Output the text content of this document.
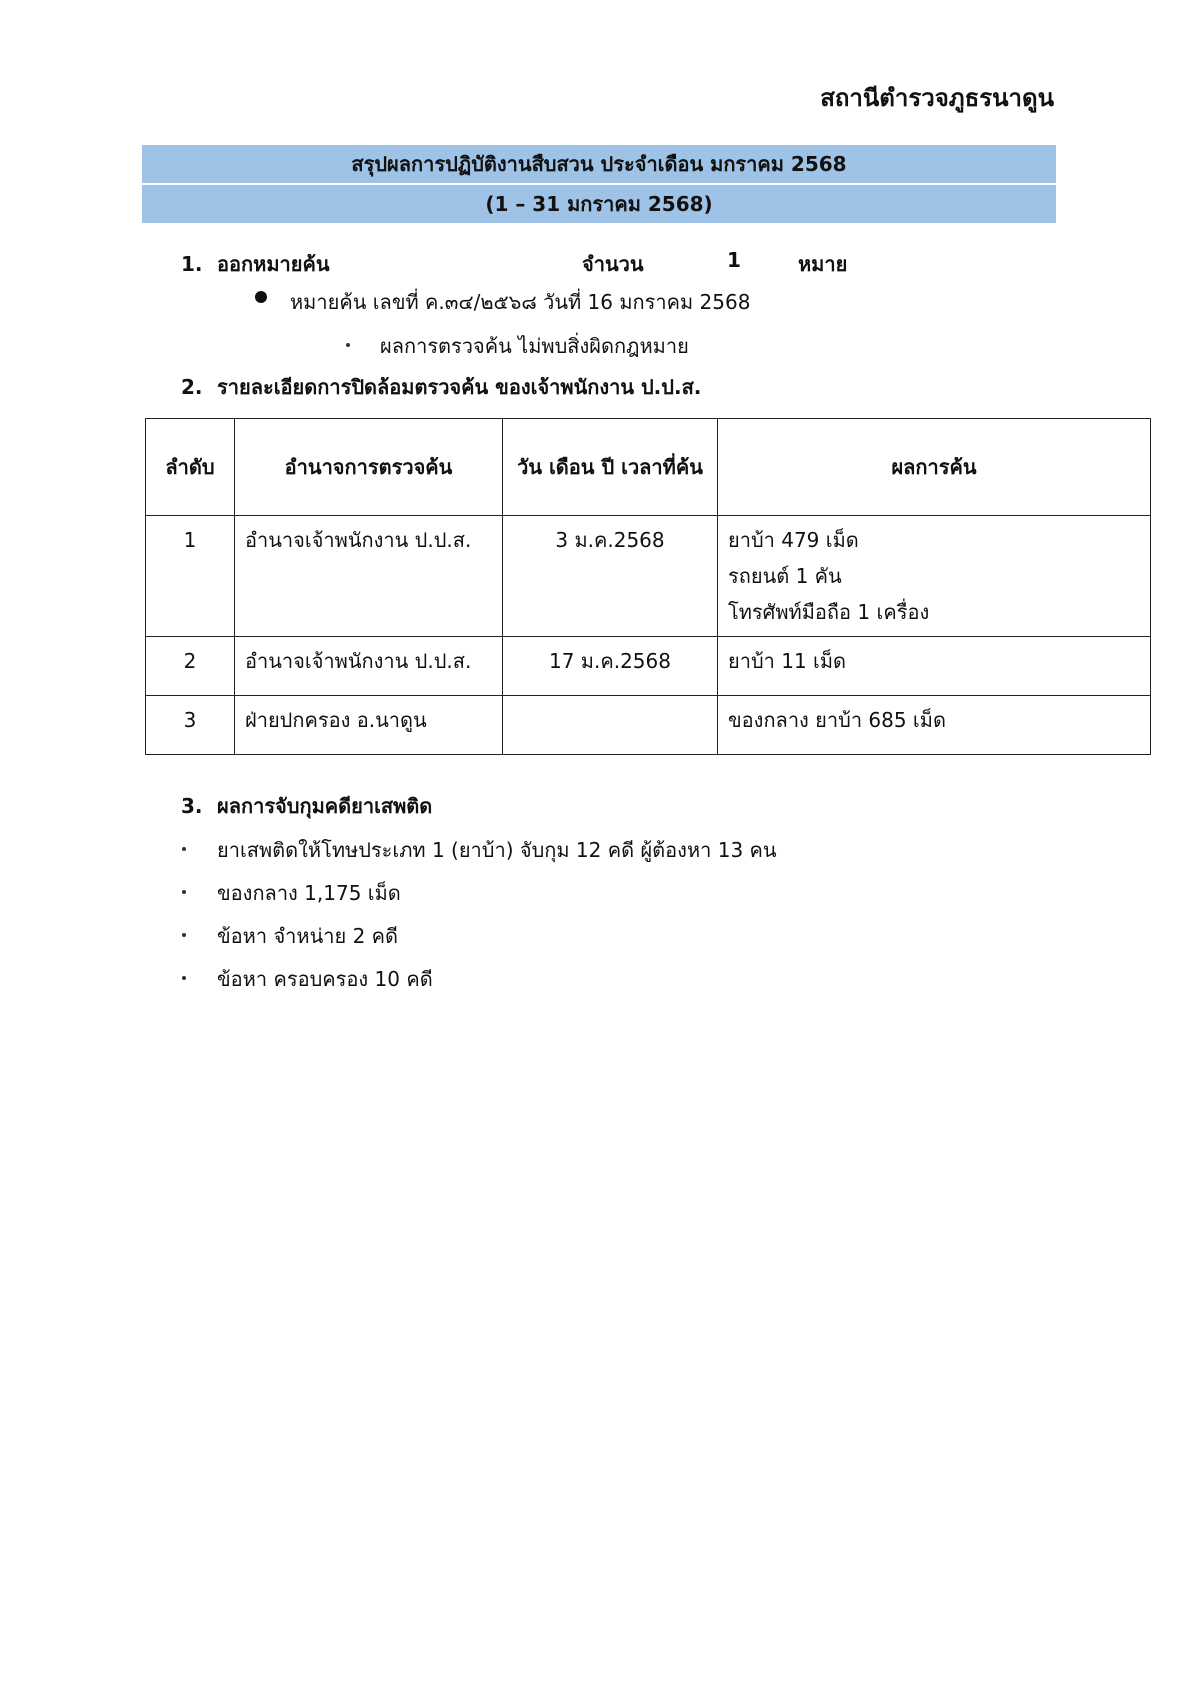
สถานีตำรวจภูธรนาดูน
สรุปผลการปฏิบัติงานสืบสวน ประจำเดือน มกราคม 2568
(1 – 31 มกราคม 2568)
1. ออกหมายค้น	จำนวน	1	หมาย
หมายค้น เลขที่ ค.๓๔/๒๕๖๘ วันที่ 16 มกราคม 2568
ผลการตรวจค้น ไม่พบสิ่งผิดกฎหมาย
2. รายละเอียดการปิดล้อมตรวจค้น ของเจ้าพนักงาน ป.ป.ส.
ลำดับ	อำนาจการตรวจค้น	วัน เดือน ปี เวลาที่ค้น	ผลการค้น
1	อำนาจเจ้าพนักงาน ป.ป.ส.	3 ม.ค.2568	ยาบ้า 479 เม็ด
รถยนต์ 1 คัน
โทรศัพท์มือถือ 1 เครื่อง

2	อำนาจเจ้าพนักงาน ป.ป.ส.	17 ม.ค.2568	ยาบ้า 11 เม็ด

3	ฝ่ายปกครอง อ.นาดูน		ของกลาง ยาบ้า 685 เม็ด
3. ผลการจับกุมคดียาเสพติด
ยาเสพติดให้โทษประเภท 1 (ยาบ้า) จับกุม 12 คดี ผู้ต้องหา 13 คน
ของกลาง 1,175 เม็ด
ข้อหา จำหน่าย 2 คดี
ข้อหา ครอบครอง 10 คดี
